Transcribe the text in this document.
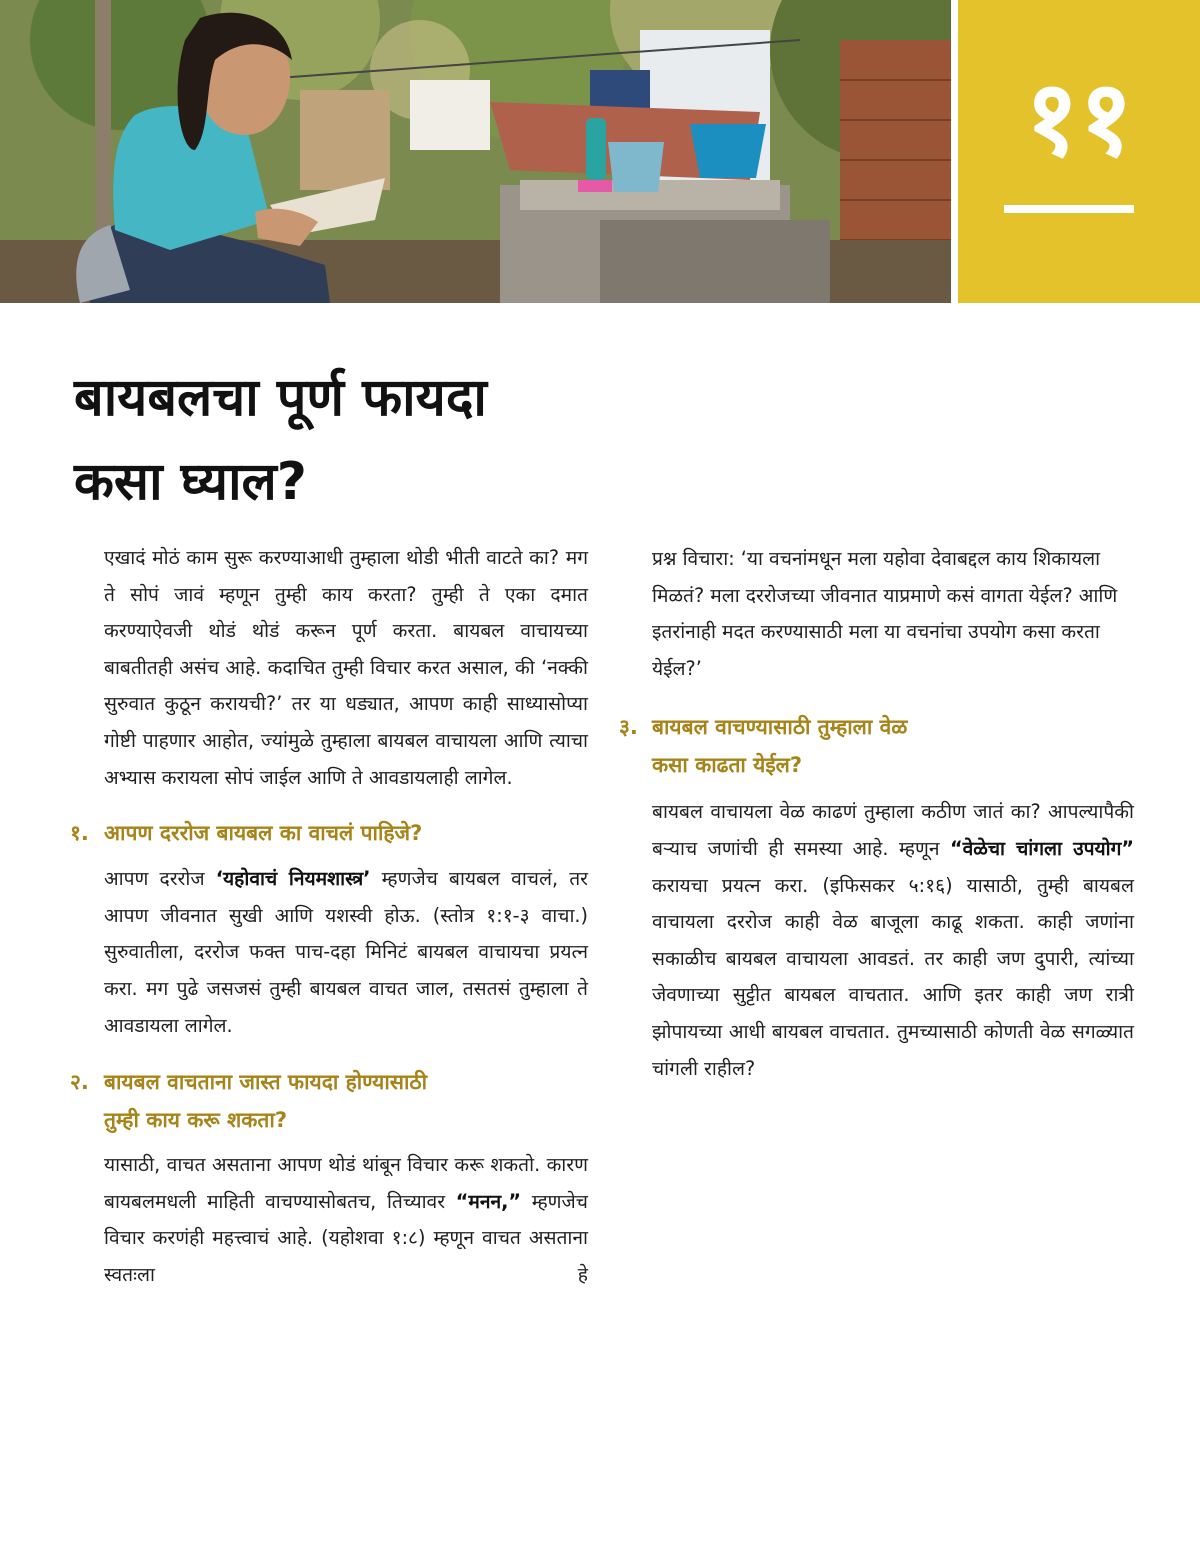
११
बायबलचा पूर्ण फायदा
कसा घ्याल?

एखादं मोठं काम सुरू करण्याआधी तुम्हाला थोडी भीती वाटते का? मग ते सोपं जावं म्हणून तुम्ही काय करता? तुम्ही ते एका दमात करण्याऐवजी थोडं थोडं करून पूर्ण करता. बायबल वाचायच्या बाबतीतही असंच आहे. कदाचित तुम्ही विचार करत असाल, की ‘नक्की सुरुवात कुठून करायची?’ तर या धड्यात, आपण काही साध्यासोप्या गोष्टी पाहणार आहोत, ज्यांमुळे तुम्हाला बायबल वाचायला आणि त्याचा अभ्यास करायला सोपं जाईल आणि ते आवडायलाही लागेल.

१. आपण दररोज बायबल का वाचलं पाहिजे?

आपण दररोज ‘यहोवाचं नियमशास्त्र’ म्हणजेच बायबल वाचलं, तर आपण जीवनात सुखी आणि यशस्वी होऊ. (स्तोत्र १:१-३ वाचा.) सुरुवातीला, दररोज फक्त पाच-दहा मिनिटं बायबल वाचायचा प्रयत्न करा. मग पुढे जसजसं तुम्ही बायबल वाचत जाल, तसतसं तुम्हाला ते आवडायला लागेल.

२. बायबल वाचताना जास्त फायदा होण्यासाठी
तुम्ही काय करू शकता?

यासाठी, वाचत असताना आपण थोडं थांबून विचार करू शकतो. कारण बायबलमधली माहिती वाचण्यासोबतच, तिच्यावर “मनन,” म्हणजेच विचार करणंही महत्त्वाचं आहे. (यहोशवा १:८) म्हणून वाचत असताना स्वतःला हे

प्रश्न विचारा: ‘या वचनांमधून मला यहोवा देवाबद्दल काय शिकायला मिळतं? मला दररोजच्या जीवनात याप्रमाणे कसं वागता येईल? आणि इतरांनाही मदत करण्यासाठी मला या वचनांचा उपयोग कसा करता येईल?’

३. बायबल वाचण्यासाठी तुम्हाला वेळ
कसा काढता येईल?

बायबल वाचायला वेळ काढणं तुम्हाला कठीण जातं का? आपल्यापैकी बऱ्याच जणांची ही समस्या आहे. म्हणून “वेळेचा चांगला उपयोग” करायचा प्रयत्न करा. (इफिसकर ५:१६) यासाठी, तुम्ही बायबल वाचायला दररोज काही वेळ बाजूला काढू शकता. काही जणांना सकाळीच बायबल वाचायला आवडतं. तर काही जण दुपारी, त्यांच्या जेवणाच्या सुट्टीत बायबल वाचतात. आणि इतर काही जण रात्री झोपायच्या आधी बायबल वाचतात. तुमच्यासाठी कोणती वेळ सगळ्यात चांगली राहील?
